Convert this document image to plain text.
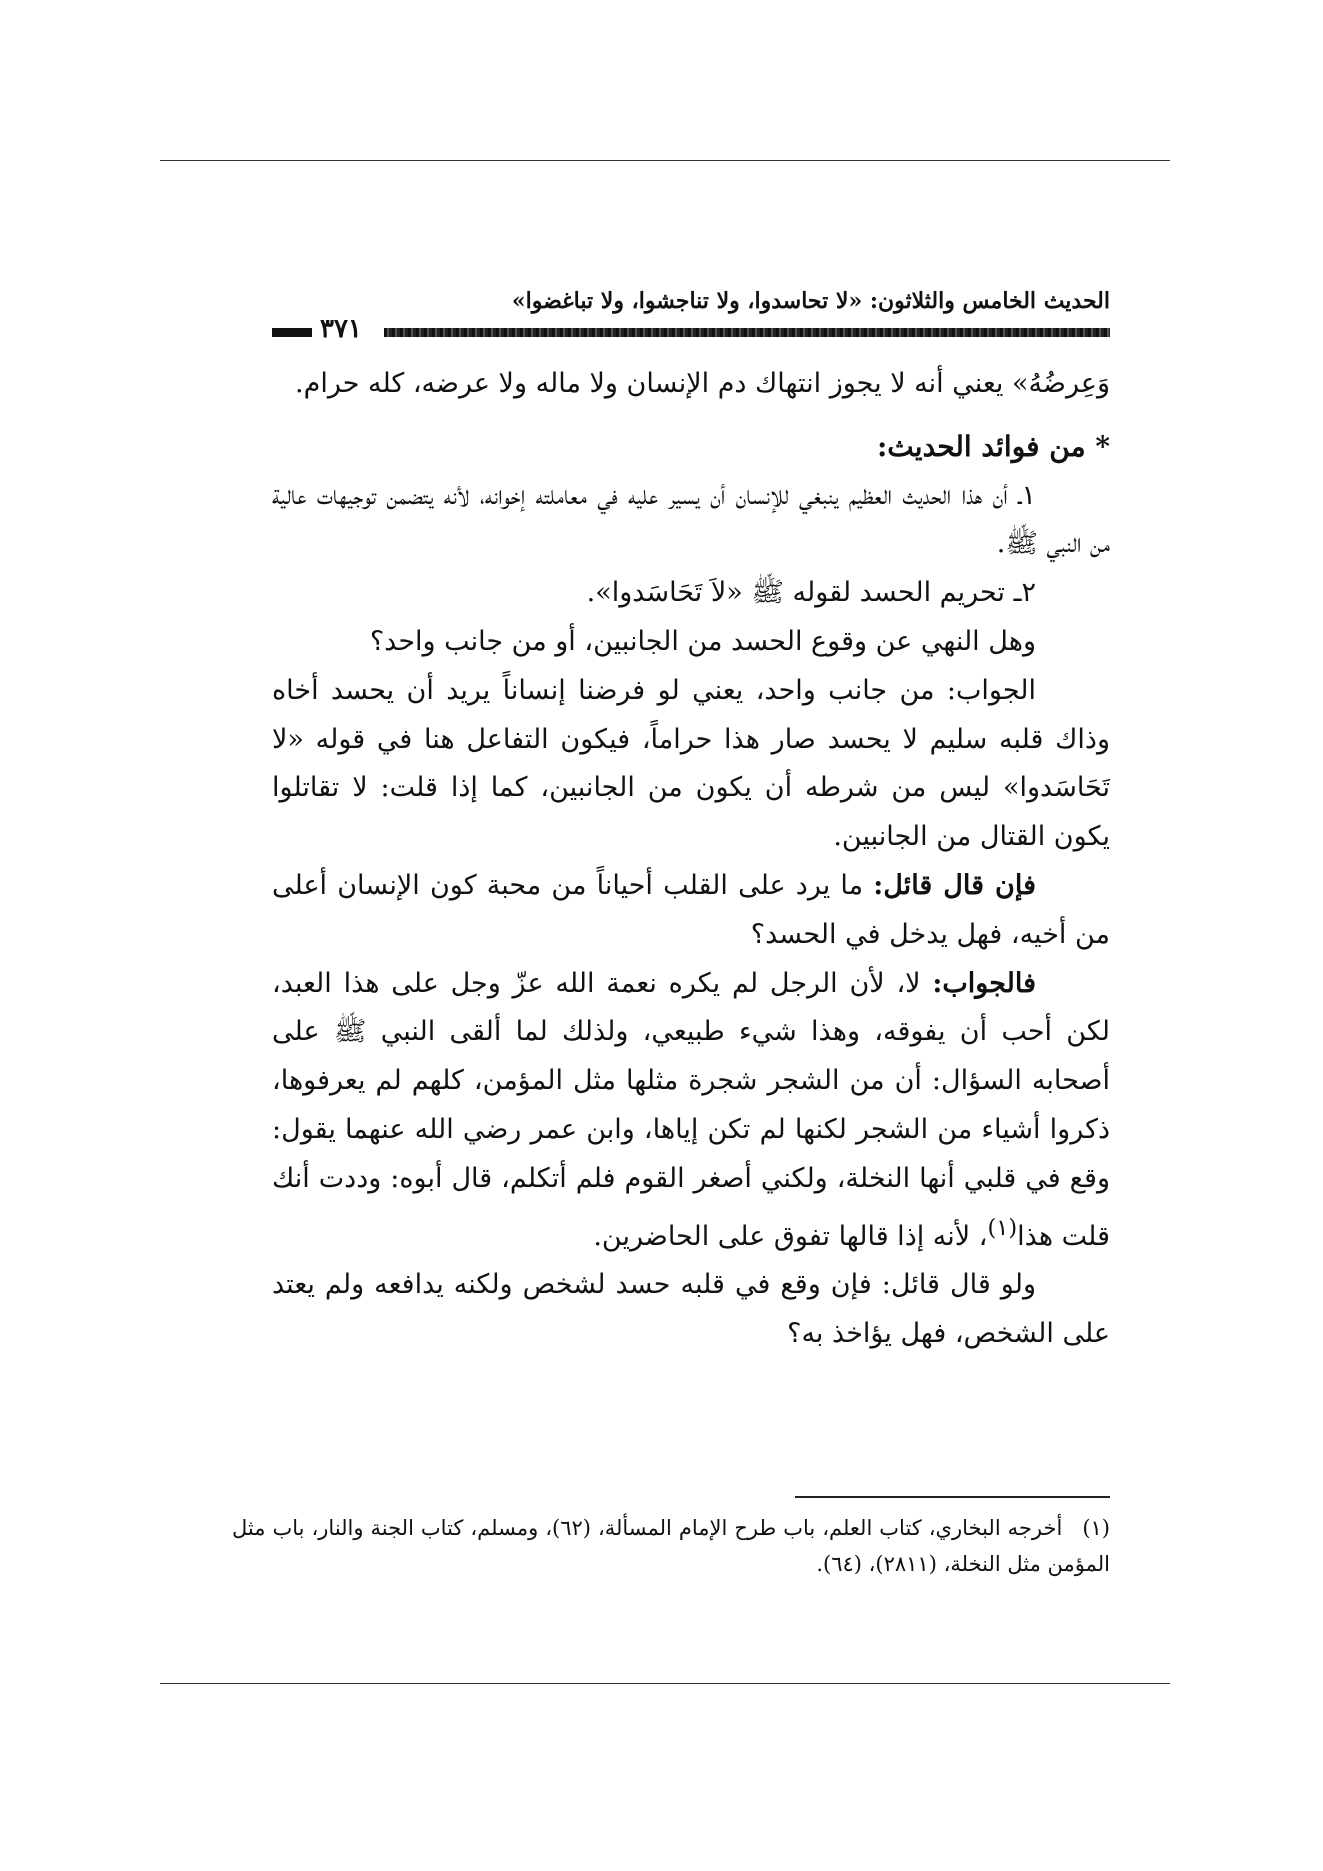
الحديث الخامس والثلاثون: «لا تحاسدوا، ولا تناجشوا، ولا تباغضوا»
٣٧١

وَعِرضُهُ» يعني أنه لا يجوز انتهاك دم الإنسان ولا ماله ولا عرضه، كله حرام.

* من فوائد الحديث:

١ـ أن هذا الحديث العظيم ينبغي للإنسان أن يسير عليه في معاملته إخوانه، لأنه يتضمن توجيهات عالية من النبي ﷺ.

٢ـ تحريم الحسد لقوله ﷺ «لاَ تَحَاسَدوا».

وهل النهي عن وقوع الحسد من الجانبين، أو من جانب واحد؟

الجواب: من جانب واحد، يعني لو فرضنا إنساناً يريد أن يحسد أخاه وذاك قلبه سليم لا يحسد صار هذا حراماً، فيكون التفاعل هنا في قوله «لا تَحَاسَدوا» ليس من شرطه أن يكون من الجانبين، كما إذا قلت: لا تقاتلوا يكون القتال من الجانبين.

فإن قال قائل: ما يرد على القلب أحياناً من محبة كون الإنسان أعلى من أخيه، فهل يدخل في الحسد؟

فالجواب: لا، لأن الرجل لم يكره نعمة الله عزّ وجل على هذا العبد، لكن أحب أن يفوقه، وهذا شيء طبيعي، ولذلك لما ألقى النبي ﷺ على أصحابه السؤال: أن من الشجر شجرة مثلها مثل المؤمن، كلهم لم يعرفوها، ذكروا أشياء من الشجر لكنها لم تكن إياها، وابن عمر رضي الله عنهما يقول: وقع في قلبي أنها النخلة، ولكني أصغر القوم فلم أتكلم، قال أبوه: وددت أنك قلت هذا$^{(١)}$، لأنه إذا قالها تفوق على الحاضرين.

ولو قال قائل: فإن وقع في قلبه حسد لشخص ولكنه يدافعه ولم يعتد على الشخص، فهل يؤاخذ به؟

(١)أخرجه البخاري، كتاب العلم، باب طرح الإمام المسألة، (٦٢)، ومسلم، كتاب الجنة والنار، باب مثل المؤمن مثل النخلة، (٢٨١١)، (٦٤).
